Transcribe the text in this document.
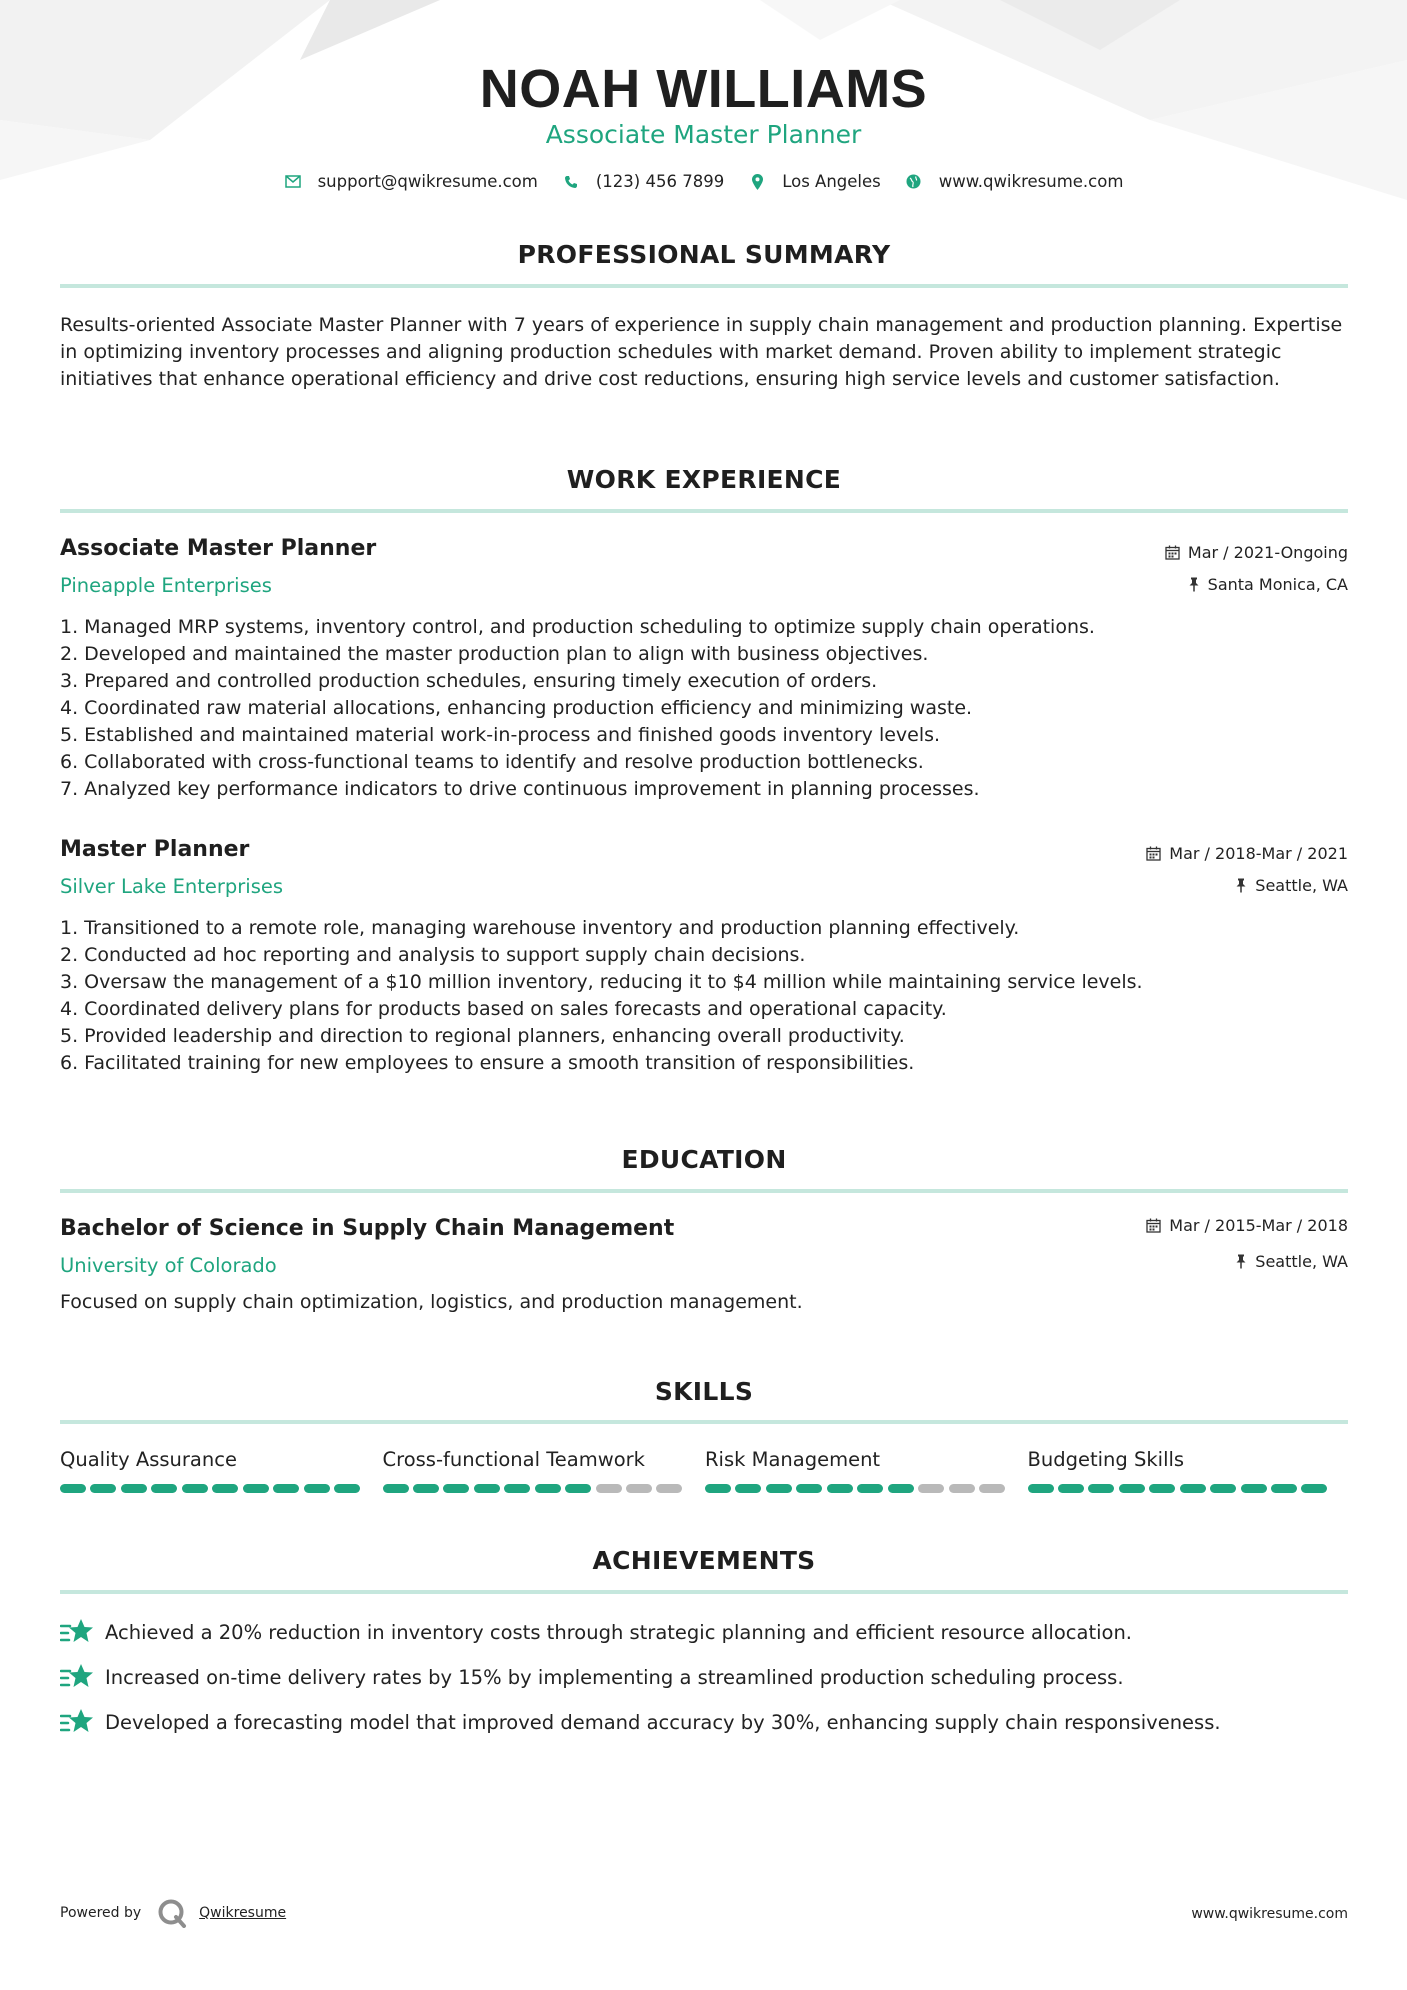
NOAH WILLIAMS
Associate Master Planner
support@qwikresume.com	(123) 456 7899	Los Angeles	www.qwikresume.com
PROFESSIONAL SUMMARY
Results-oriented Associate Master Planner with 7 years of experience in supply chain management and production planning. Expertise in optimizing inventory processes and aligning production schedules with market demand. Proven ability to implement strategic initiatives that enhance operational efficiency and drive cost reductions, ensuring high service levels and customer satisfaction.
WORK EXPERIENCE
Associate Master Planner
Pineapple Enterprises
Mar / 2021-Ongoing
Santa Monica, CA
1. Managed MRP systems, inventory control, and production scheduling to optimize supply chain operations.
2. Developed and maintained the master production plan to align with business objectives.
3. Prepared and controlled production schedules, ensuring timely execution of orders.
4. Coordinated raw material allocations, enhancing production efficiency and minimizing waste.
5. Established and maintained material work-in-process and finished goods inventory levels.
6. Collaborated with cross-functional teams to identify and resolve production bottlenecks.
7. Analyzed key performance indicators to drive continuous improvement in planning processes.
Master Planner
Silver Lake Enterprises
Mar / 2018-Mar / 2021
Seattle, WA
1. Transitioned to a remote role, managing warehouse inventory and production planning effectively.
2. Conducted ad hoc reporting and analysis to support supply chain decisions.
3. Oversaw the management of a $10 million inventory, reducing it to $4 million while maintaining service levels.
4. Coordinated delivery plans for products based on sales forecasts and operational capacity.
5. Provided leadership and direction to regional planners, enhancing overall productivity.
6. Facilitated training for new employees to ensure a smooth transition of responsibilities.
EDUCATION
Bachelor of Science in Supply Chain Management
University of Colorado
Mar / 2015-Mar / 2018
Seattle, WA
Focused on supply chain optimization, logistics, and production management.
SKILLS
Quality Assurance	Cross-functional Teamwork	Risk Management	Budgeting Skills
ACHIEVEMENTS
Achieved a 20% reduction in inventory costs through strategic planning and efficient resource allocation.
Increased on-time delivery rates by 15% by implementing a streamlined production scheduling process.
Developed a forecasting model that improved demand accuracy by 30%, enhancing supply chain responsiveness.
Powered by	Qwikresume	www.qwikresume.com
